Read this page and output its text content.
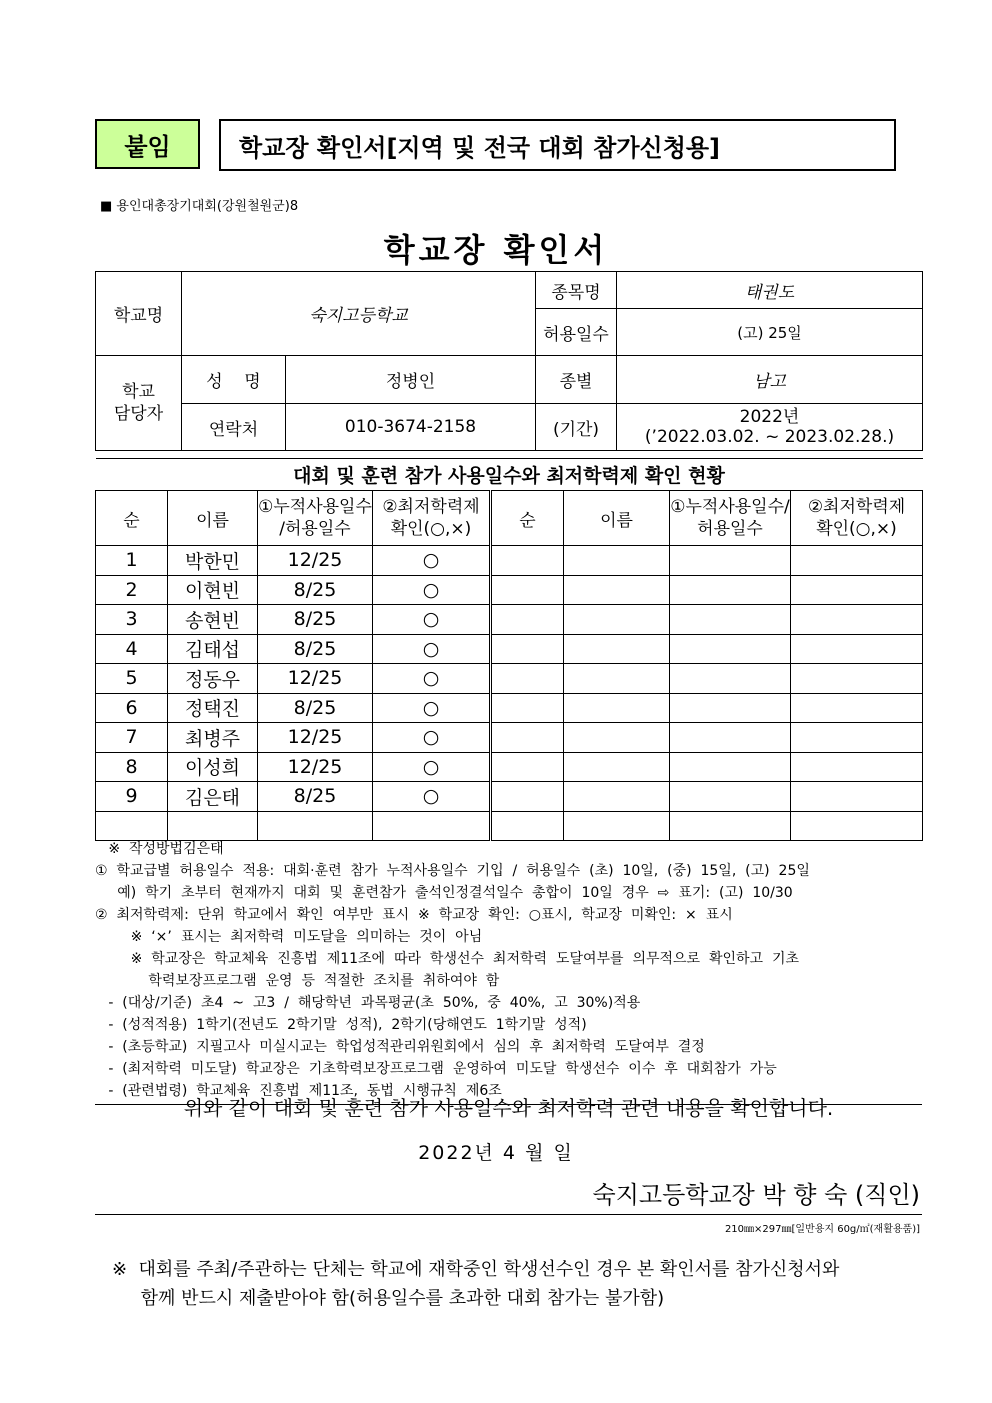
붙임	학교장 확인서[지역 및 전국 대회 참가신청용]
■ 용인대총장기대회(강원철원군)8
학교장 확인서
학교명	숙지고등학교		종목명	태권도
			허용일수	(고) 25일
학교
담당자	성    명	정병인	종별	남고
	연락처	010-3674-2158	(기간)	2022년
(’2022.03.02. ~ 2023.02.28.)
대회 및 훈련 참가 사용일수와 최저학력제 확인 현황							
순	이름	①누적사용일수
/허용일수	②최저학력제
확인(○,×)	순	이름	①누적사용일수/
허용일수	②최저학력제
확인(○,×)
1	박한민	12/25	○				
2	이현빈	8/25	○				
3	송현빈	8/25	○				
4	김태섭	8/25	○				
5	정동우	12/25	○				
6	정택진	8/25	○				
7	최병주	12/25	○				
8	이성희	12/25	○				
9	김은태	8/25	○				

※  작성방법김은태
①  학교급별  허용일수  적용:  대회·훈련  참가  누적사용일수  기입  /  허용일수  (초)  10일,  (중)  15일,  (고)  25일
예)  학기  초부터  현재까지  대회  및  훈련참가  출석인정결석일수  총합이  10일  경우  ⇨  표기:  (고)  10/30
②  최저학력제:  단위  학교에서  확인  여부만  표시  ※  학교장  확인:  ○표시,  학교장  미확인:  ×  표시
※  ‘×’  표시는  최저학력  미도달을  의미하는  것이  아님
※  학교장은  학교체육  진흥법  제11조에  따라  학생선수  최저학력  도달여부를  의무적으로  확인하고  기초
학력보장프로그램  운영  등  적절한  조치를  취하여야  함
-  (대상/기준)  초4  ~  고3  /  해당학년  과목평균(초  50%,  중  40%,  고  30%)적용
-  (성적적용)  1학기(전년도  2학기말  성적),  2학기(당해연도  1학기말  성적)
-  (초등학교)  지필고사  미실시교는  학업성적관리위원회에서  심의  후  최저학력  도달여부  결정
-  (최저학력  미도달)  학교장은  기초학력보장프로그램  운영하여  미도달  학생선수  이수  후  대회참가  가능
-  (관련법령)  학교체육  진흥법  제11조,  동법  시행규칙  제6조
위와 같이 대회 및 훈련 참가 사용일수와 최저학력 관련 내용을 확인합니다.
2022년 4 월 일
숙지고등학교장 박 향 숙 (직인)
210㎜×297㎜[일반용지 60g/㎡(재활용품)]
※  대회를 주최/주관하는 단체는 학교에 재학중인 학생선수인 경우 본 확인서를 참가신청서와
함께 반드시 제출받아야 함(허용일수를 초과한 대회 참가는 불가함)
